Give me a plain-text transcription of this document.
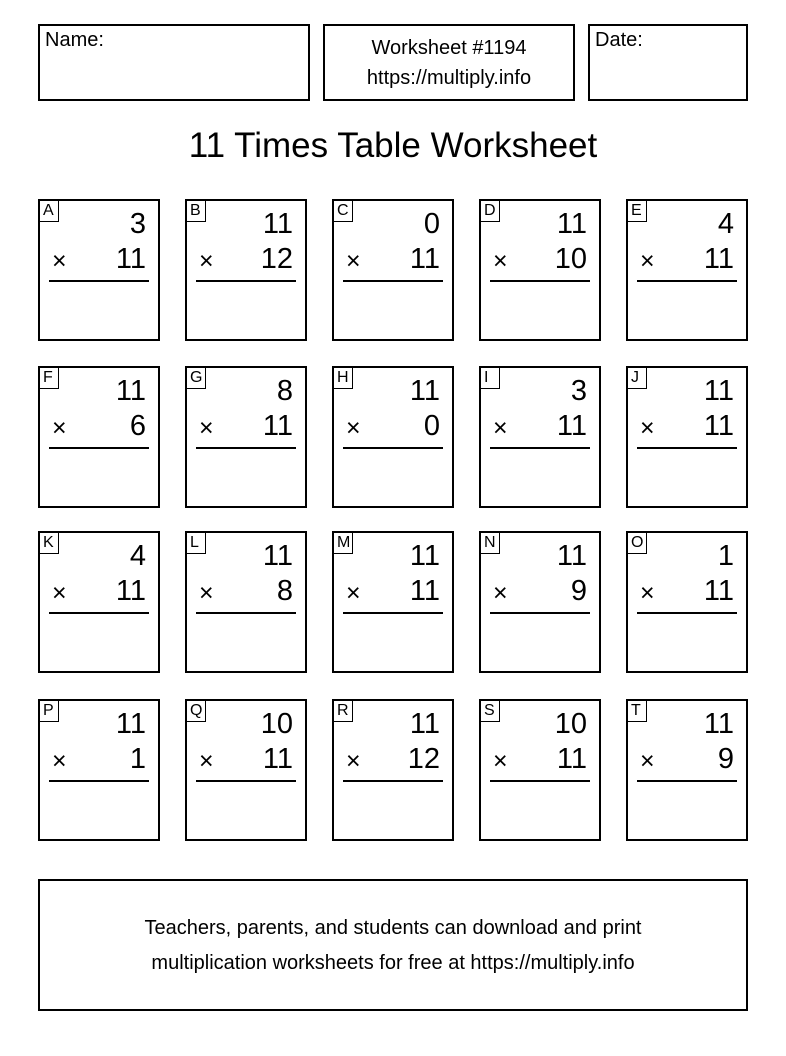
Name:	Worksheet #1194
https://multiply.info
Date:
11 Times Table Worksheet
A	3
× 11
B 11
× 12
C	0
× 11
D 11
× 10
E	4
× 11
F 11
× 6
G	8
× 11
H 11
× 0
I	3
× 11
J 11
× 11
K	4
× 11
L 11
× 8
M 11
× 11
N 11
× 9
O	1
× 11
P 11
× 1
Q 10
× 11
R 11
× 12
S 10
× 11
T 11
× 9
Teachers, parents, and students can download and print
multiplication worksheets for free at https://multiply.info
